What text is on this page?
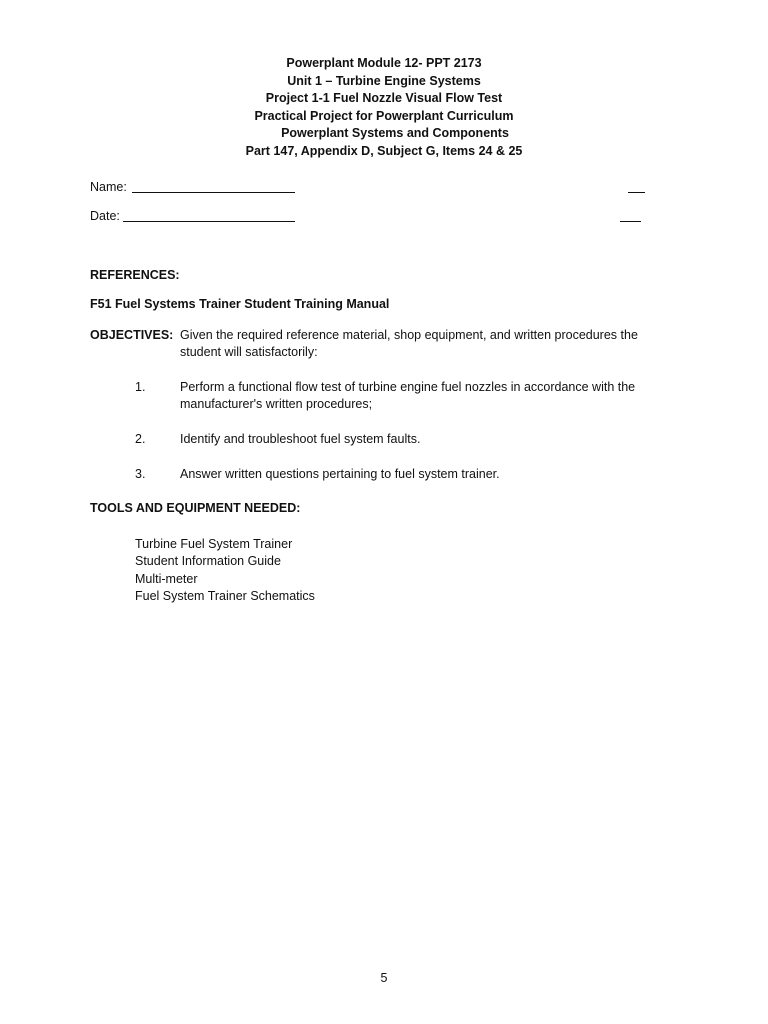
Powerplant Module 12- PPT 2173
Unit 1 – Turbine Engine Systems
Project 1-1 Fuel Nozzle Visual Flow Test
Practical Project for Powerplant Curriculum
Powerplant Systems and Components
Part 147, Appendix D, Subject G, Items 24 & 25
Name:
Date:
REFERENCES:
F51 Fuel Systems Trainer Student Training Manual
OBJECTIVES: Given the required reference material, shop equipment, and written procedures the student will satisfactorily:
1.	Perform a functional flow test of turbine engine fuel nozzles in accordance with the manufacturer's written procedures;
2.	Identify and troubleshoot fuel system faults.
3.	Answer written questions pertaining to fuel system trainer.
TOOLS AND EQUIPMENT NEEDED:
Turbine Fuel System Trainer
Student Information Guide
Multi-meter
Fuel System Trainer Schematics
5
